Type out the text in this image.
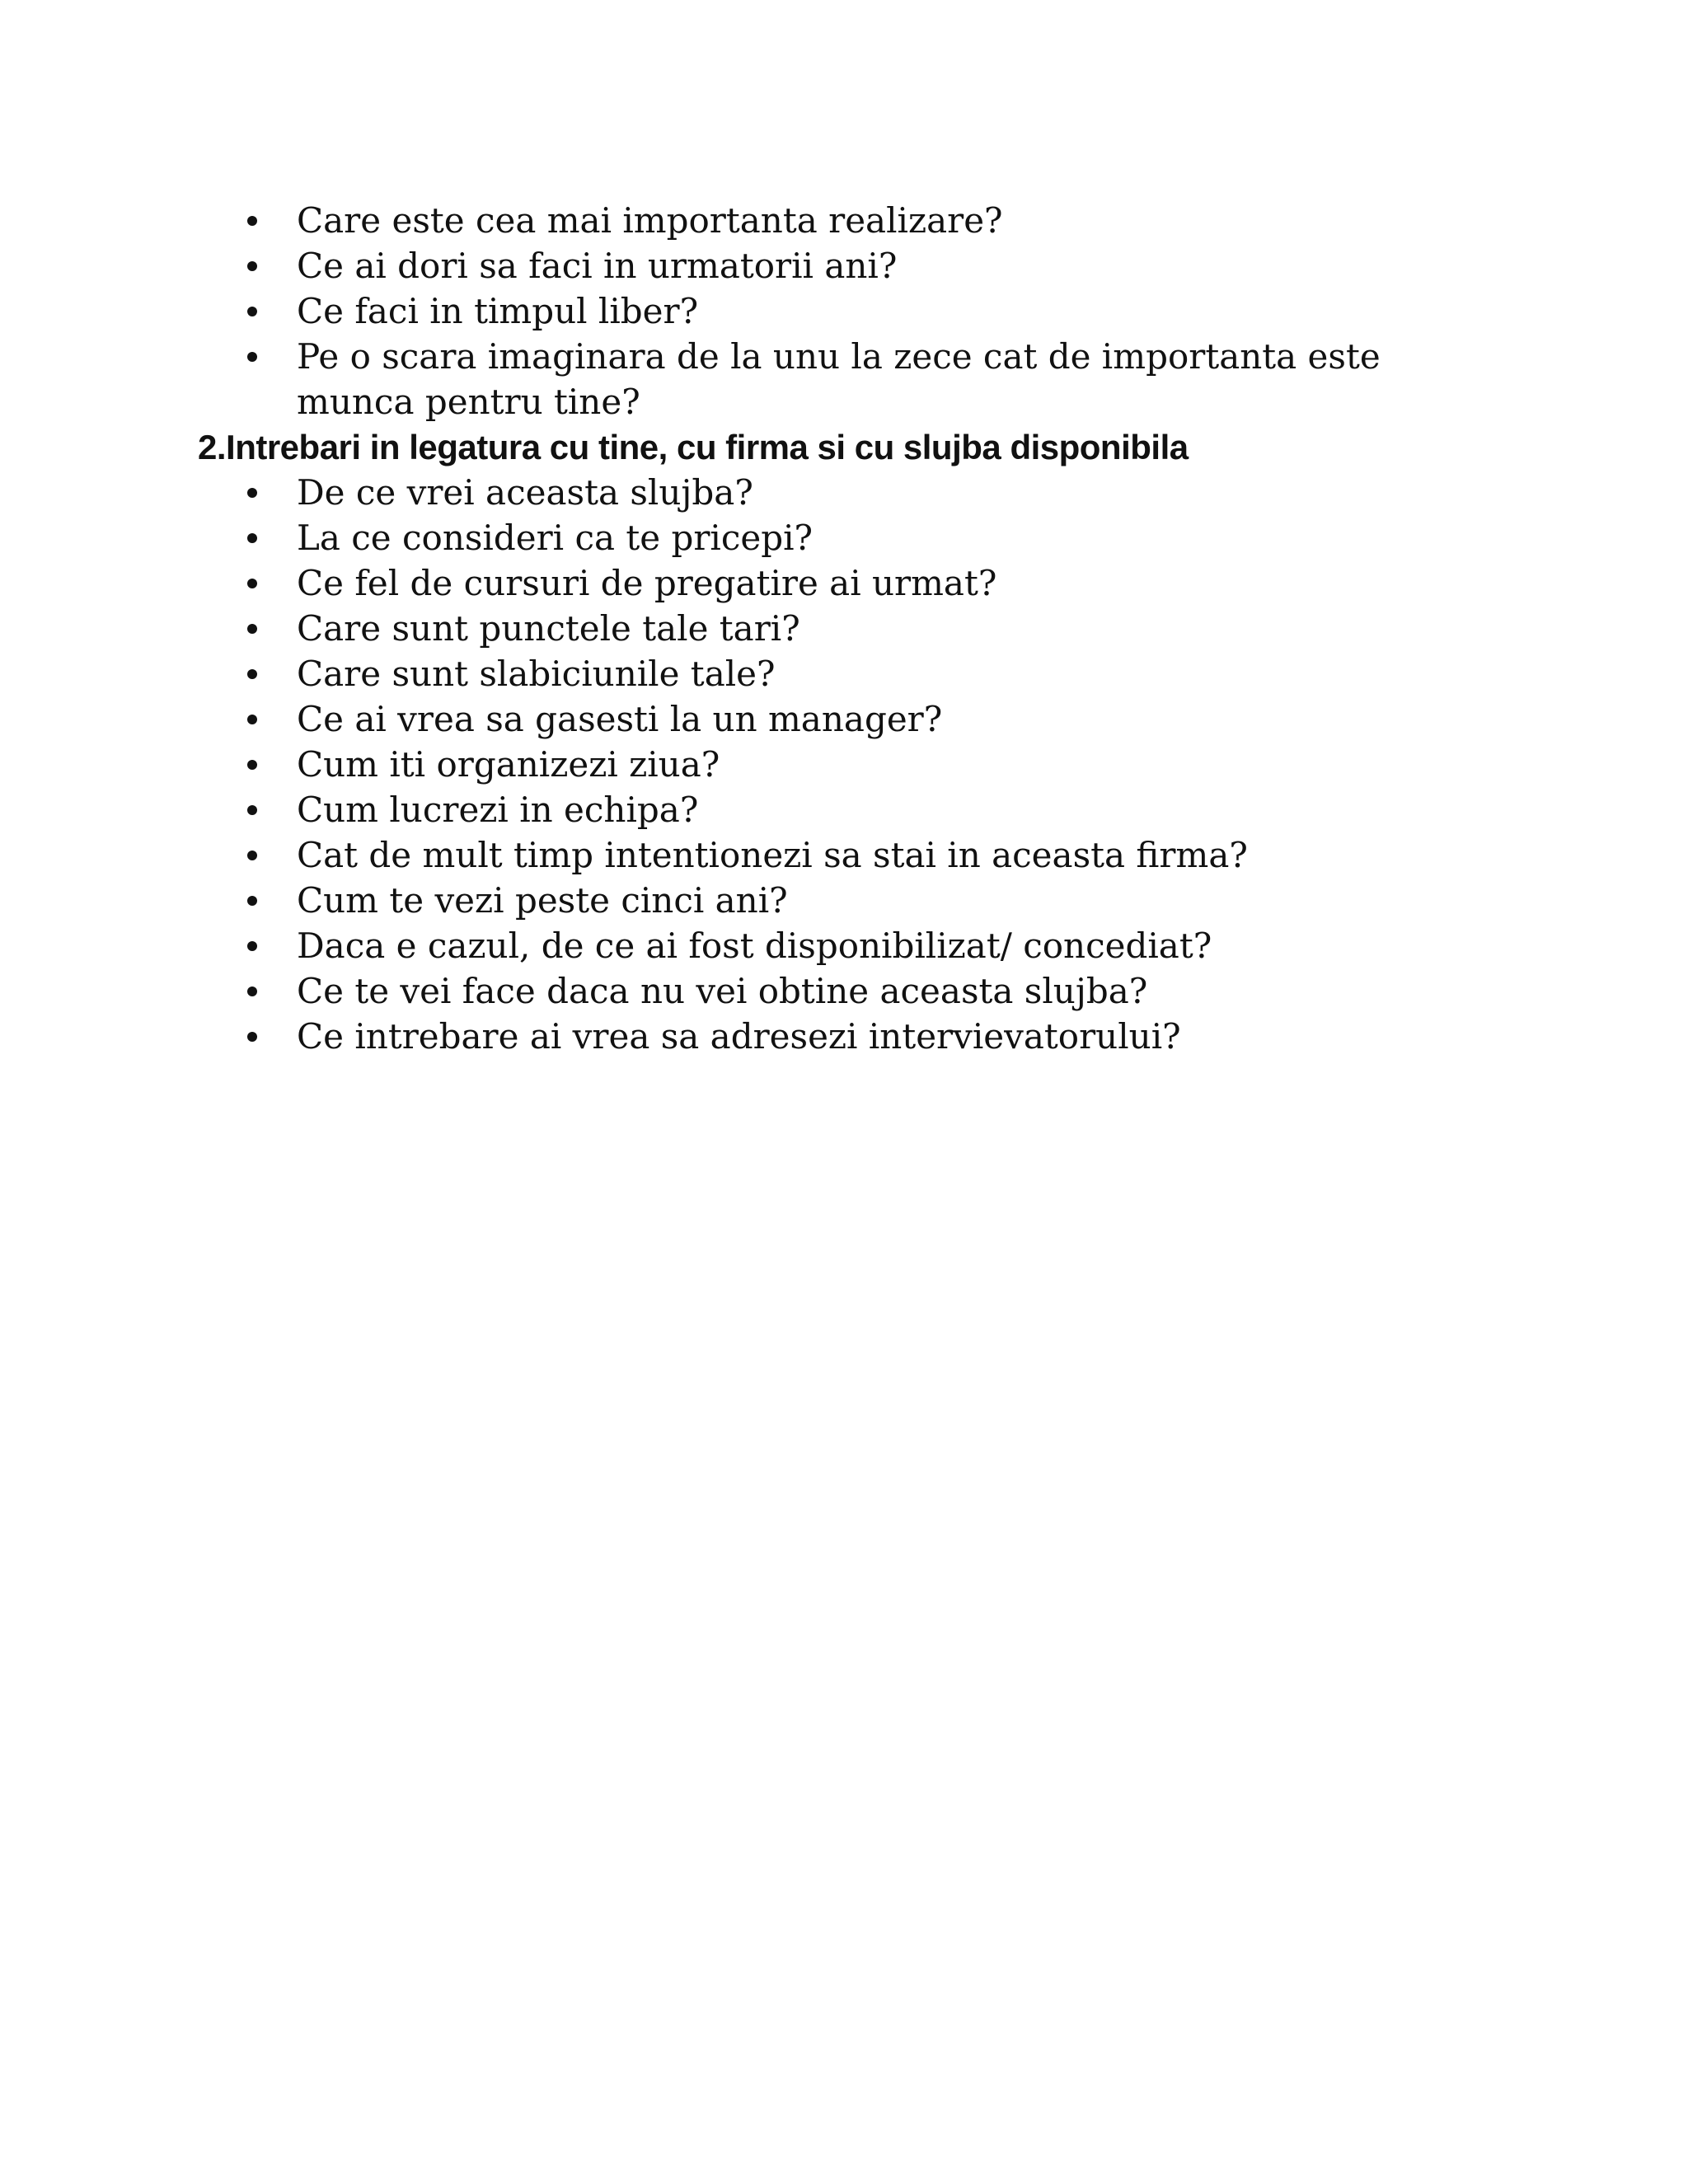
Care este cea mai importanta realizare?
Ce ai dori sa faci in urmatorii ani?
Ce faci in timpul liber?
Pe o scara imaginara de la unu la zece cat de importanta este munca pentru tine?

2.Intrebari in legatura cu tine, cu firma si cu slujba disponibila

De ce vrei aceasta slujba?
La ce consideri ca te pricepi?
Ce fel de cursuri de pregatire ai urmat?
Care sunt punctele tale tari?
Care sunt slabiciunile tale?
Ce ai vrea sa gasesti la un manager?
Cum iti organizezi ziua?
Cum lucrezi in echipa?
Cat de mult timp intentionezi sa stai in aceasta firma?
Cum te vezi peste cinci ani?
Daca e cazul, de ce ai fost disponibilizat/ concediat?
Ce te vei face daca nu vei obtine aceasta slujba?
Ce intrebare ai vrea sa adresezi intervievatorului?
